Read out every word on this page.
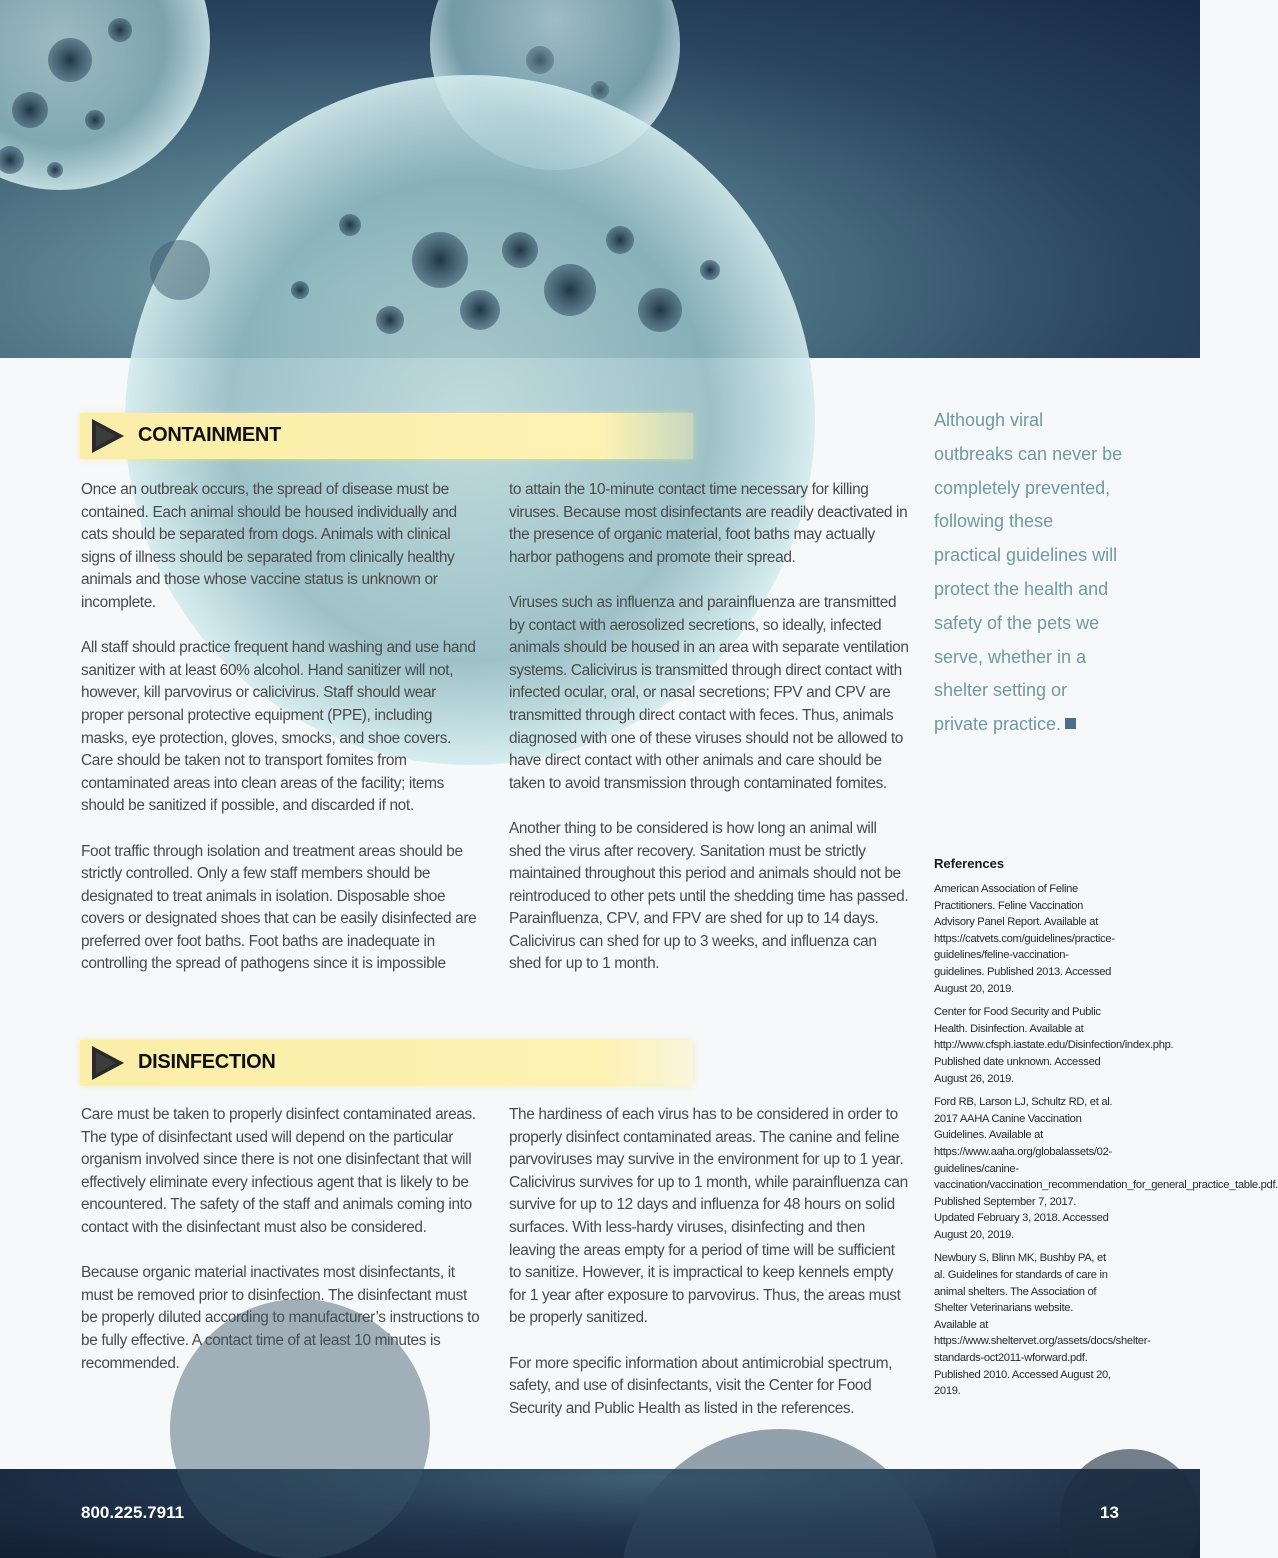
CONTAINMENT

Once an outbreak occurs, the spread of disease must be contained. Each animal should be housed individually and cats should be separated from dogs. Animals with clinical signs of illness should be separated from clinically healthy animals and those whose vaccine status is unknown or incomplete.

All staff should practice frequent hand washing and use hand sanitizer with at least 60% alcohol. Hand sanitizer will not, however, kill parvovirus or calicivirus. Staff should wear proper personal protective equipment (PPE), including masks, eye protection, gloves, smocks, and shoe covers. Care should be taken not to transport fomites from contaminated areas into clean areas of the facility; items should be sanitized if possible, and discarded if not.

Foot traffic through isolation and treatment areas should be strictly controlled. Only a few staff members should be designated to treat animals in isolation. Disposable shoe covers or designated shoes that can be easily disinfected are preferred over foot baths. Foot baths are inadequate in controlling the spread of pathogens since it is impossible

to attain the 10-minute contact time necessary for killing viruses. Because most disinfectants are readily deactivated in the presence of organic material, foot baths may actually harbor pathogens and promote their spread.

Viruses such as influenza and parainfluenza are transmitted by contact with aerosolized secretions, so ideally, infected animals should be housed in an area with separate ventilation systems. Calicivirus is transmitted through direct contact with infected ocular, oral, or nasal secretions; FPV and CPV are transmitted through direct contact with feces. Thus, animals diagnosed with one of these viruses should not be allowed to have direct contact with other animals and care should be taken to avoid transmission through contaminated fomites.

Another thing to be considered is how long an animal will shed the virus after recovery. Sanitation must be strictly maintained throughout this period and animals should not be reintroduced to other pets until the shedding time has passed. Parainfluenza, CPV, and FPV are shed for up to 14 days. Calicivirus can shed for up to 3 weeks, and influenza can shed for up to 1 month.

DISINFECTION

Care must be taken to properly disinfect contaminated areas. The type of disinfectant used will depend on the particular organism involved since there is not one disinfectant that will effectively eliminate every infectious agent that is likely to be encountered. The safety of the staff and animals coming into contact with the disinfectant must also be considered.

Because organic material inactivates most disinfectants, it must be removed prior to disinfection. The disinfectant must be properly diluted according to manufacturer’s instructions to be fully effective. A contact time of at least 10 minutes is recommended.

The hardiness of each virus has to be considered in order to properly disinfect contaminated areas. The canine and feline parvoviruses may survive in the environment for up to 1 year. Calicivirus survives for up to 1 month, while parainfluenza can survive for up to 12 days and influenza for 48 hours on solid surfaces. With less-hardy viruses, disinfecting and then leaving the areas empty for a period of time will be sufficient to sanitize. However, it is impractical to keep kennels empty for 1 year after exposure to parvovirus. Thus, the areas must be properly sanitized.

For more specific information about antimicrobial spectrum, safety, and use of disinfectants, visit the Center for Food Security and Public Health as listed in the references.

Although viral outbreaks can never be completely prevented, following these practical guidelines will protect the health and safety of the pets we serve, whether in a shelter setting or private practice.
References

American Association of Feline Practitioners. Feline Vaccination Advisory Panel Report. Available at https://catvets.com/guidelines/practice-guidelines/feline-vaccination-guidelines. Published 2013. Accessed August 20, 2019.

Center for Food Security and Public Health. Disinfection. Available at http://www.cfsph.iastate.edu/Disinfection/index.php. Published date unknown. Accessed August 26, 2019.

Ford RB, Larson LJ, Schultz RD, et al. 2017 AAHA Canine Vaccination Guidelines. Available at https://www.aaha.org/globalassets/02-guidelines/canine-vaccination/vaccination_recommendation_for_general_practice_table.pdf. Published September 7, 2017. Updated February 3, 2018. Accessed August 20, 2019.

Newbury S, Blinn MK, Bushby PA, et al. Guidelines for standards of care in animal shelters. The Association of Shelter Veterinarians website. Available at https://www.sheltervet.org/assets/docs/shelter-standards-oct2011-wforward.pdf. Published 2010. Accessed August 20, 2019.

800.225.7911	13
